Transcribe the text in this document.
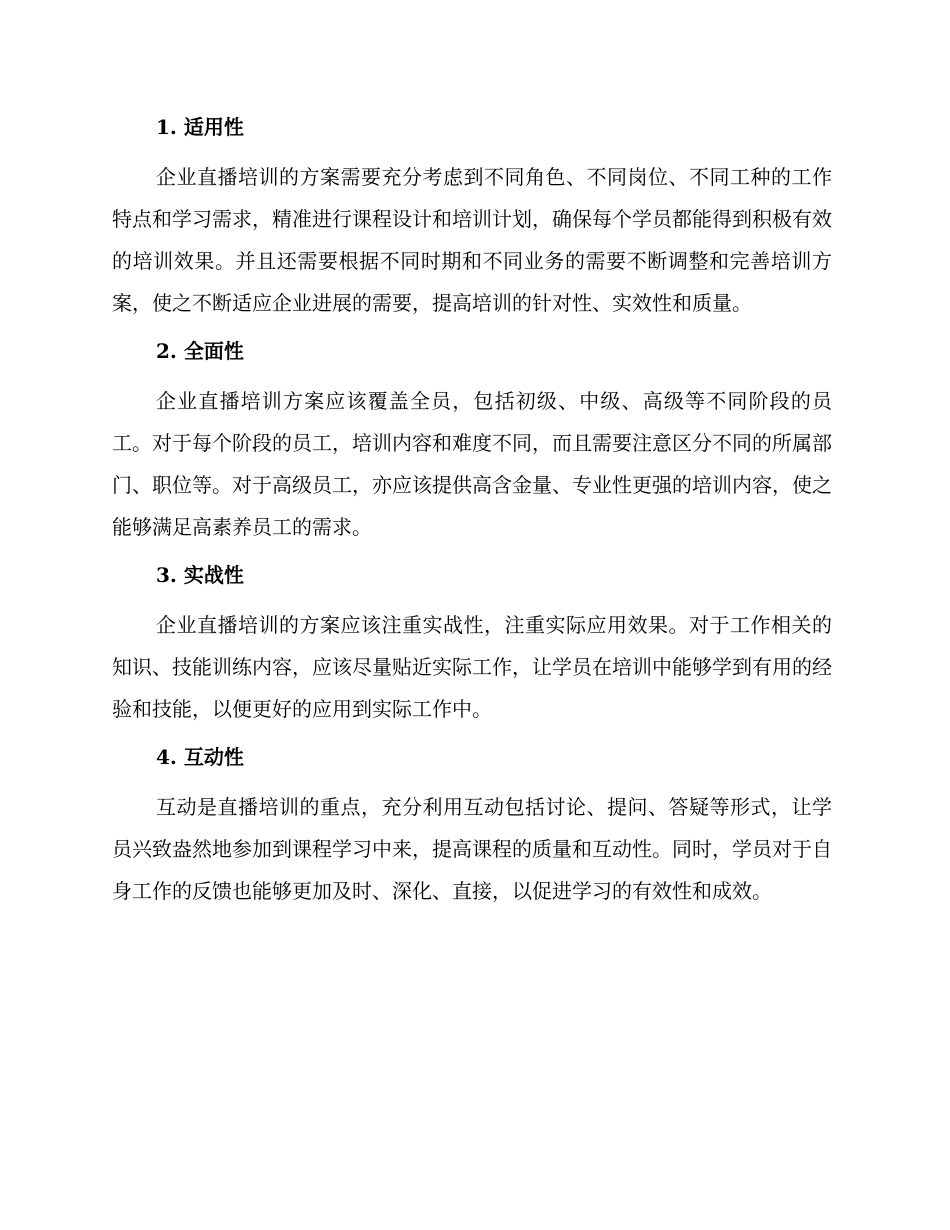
1. 适用性

企业直播培训的方案需要充分考虑到不同角色、不同岗位、不同工种的工作特点和学习需求，精准进行课程设计和培训计划，确保每个学员都能得到积极有效的培训效果。并且还需要根据不同时期和不同业务的需要不断调整和完善培训方案，使之不断适应企业进展的需要，提高培训的针对性、实效性和质量。

2. 全面性

企业直播培训方案应该覆盖全员，包括初级、中级、高级等不同阶段的员工。对于每个阶段的员工，培训内容和难度不同，而且需要注意区分不同的所属部门、职位等。对于高级员工，亦应该提供高含金量、专业性更强的培训内容，使之能够满足高素养员工的需求。

3. 实战性

企业直播培训的方案应该注重实战性，注重实际应用效果。对于工作相关的知识、技能训练内容，应该尽量贴近实际工作，让学员在培训中能够学到有用的经验和技能，以便更好的应用到实际工作中。

4. 互动性

互动是直播培训的重点，充分利用互动包括讨论、提问、答疑等形式，让学员兴致盎然地参加到课程学习中来，提高课程的质量和互动性。同时，学员对于自身工作的反馈也能够更加及时、深化、直接，以促进学习的有效性和成效。
